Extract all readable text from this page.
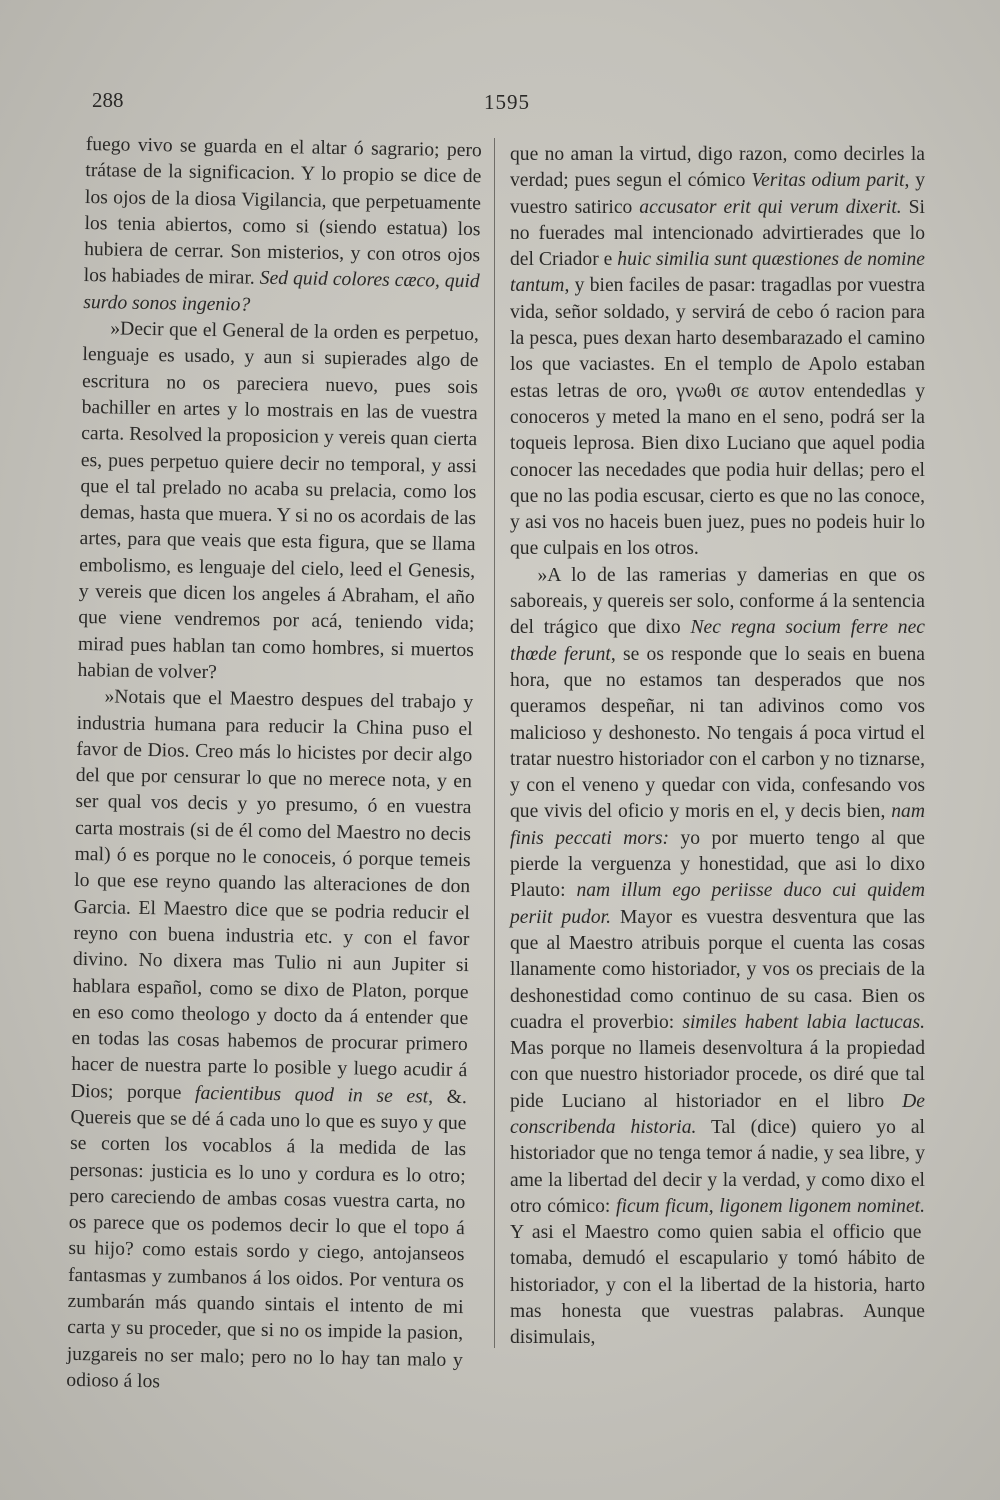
288	1595

fuego vivo se guarda en el altar ó sagrario; pero trátase de la significacion. Y lo propio se dice de los ojos de la diosa Vigilancia, que perpetuamente los tenia abiertos, como si (siendo estatua) los hubiera de cerrar. Son misterios, y con otros ojos los habiades de mirar. Sed quid colores cæco, quid surdo sonos ingenio?

»Decir que el General de la orden es perpetuo, lenguaje es usado, y aun si supierades algo de escritura no os pareciera nuevo, pues sois bachiller en artes y lo mostrais en las de vuestra carta. Resolved la proposicion y vereis quan cierta es, pues perpetuo quiere decir no temporal, y assi que el tal prelado no acaba su prelacia, como los demas, hasta que muera. Y si no os acordais de las artes, para que veais que esta figura, que se llama embolismo, es lenguaje del cielo, leed el Genesis, y vereis que dicen los angeles á Abraham, el año que viene vendremos por acá, teniendo vida; mirad pues hablan tan como hombres, si muertos habian de volver?

»Notais que el Maestro despues del trabajo y industria humana para reducir la China puso el favor de Dios. Creo más lo hicistes por decir algo del que por censurar lo que no merece nota, y en ser qual vos decis y yo presumo, ó en vuestra carta mostrais (si de él como del Maestro no decis mal) ó es porque no le conoceis, ó porque temeis lo que ese reyno quando las alteraciones de don Garcia. El Maestro dice que se podria reducir el reyno con buena industria etc. y con el favor divino. No dixera mas Tulio ni aun Jupiter si hablara español, como se dixo de Platon, porque en eso como theologo y docto da á entender que en todas las cosas habemos de procurar primero hacer de nuestra parte lo posible y luego acudir á Dios; porque facientibus quod in se est, &. Quereis que se dé á cada uno lo que es suyo y que se corten los vocablos á la medida de las personas: justicia es lo uno y cordura es lo otro; pero careciendo de ambas cosas vuestra carta, no os parece que os podemos decir lo que el topo á su hijo? como estais sordo y ciego, antojanseos fantasmas y zumbanos á los oidos. Por ventura os zumbarán más quando sintais el intento de mi carta y su proceder, que si no os impide la pasion, juzgareis no ser malo; pero no lo hay tan malo y odioso á los

que no aman la virtud, digo razon, como decirles la verdad; pues segun el cómico Veritas odium parit, y vuestro satirico accusator erit qui verum dixerit. Si no fuerades mal intencionado advirtierades que lo del Criador e huic similia sunt quæstiones de nomine tantum, y bien faciles de pasar: tragadlas por vuestra vida, señor soldado, y servirá de cebo ó racion para la pesca, pues dexan harto desembarazado el camino los que vaciastes. En el templo de Apolo estaban estas letras de oro, γνωθι σε αυτον entendedlas y conoceros y meted la mano en el seno, podrá ser la toqueis leprosa. Bien dixo Luciano que aquel podia conocer las necedades que podia huir dellas; pero el que no las podia escusar, cierto es que no las conoce, y asi vos no haceis buen juez, pues no podeis huir lo que culpais en los otros.

»A lo de las ramerias y damerias en que os saboreais, y quereis ser solo, conforme á la sentencia del trágico que dixo Nec regna socium ferre nec thœde ferunt, se os responde que lo seais en buena hora, que no estamos tan desperados que nos queramos despeñar, ni tan adivinos como vos malicioso y deshonesto. No tengais á poca virtud el tratar nuestro historiador con el carbon y no tiznarse, y con el veneno y quedar con vida, confesando vos que vivis del oficio y moris en el, y decis bien, nam finis peccati mors: yo por muerto tengo al que pierde la verguenza y honestidad, que asi lo dixo Plauto: nam illum ego periisse duco cui quidem periit pudor. Mayor es vuestra desventura que las que al Maestro atribuis porque el cuenta las cosas llanamente como historiador, y vos os preciais de la deshonestidad como continuo de su casa. Bien os cuadra el proverbio: similes habent labia lactucas. Mas porque no llameis desenvoltura á la propiedad con que nuestro historiador procede, os diré que tal pide Luciano al historiador en el libro De conscribenda historia. Tal (dice) quiero yo al historiador que no tenga temor á nadie, y sea libre, y ame la libertad del decir y la verdad, y como dixo el otro cómico: ficum ficum, ligonem ligonem nominet. Y asi el Maestro como quien sabia el officio que tomaba, demudó el escapulario y tomó hábito de historiador, y con el la libertad de la historia, harto mas honesta que vuestras palabras. Aunque disimulais,
